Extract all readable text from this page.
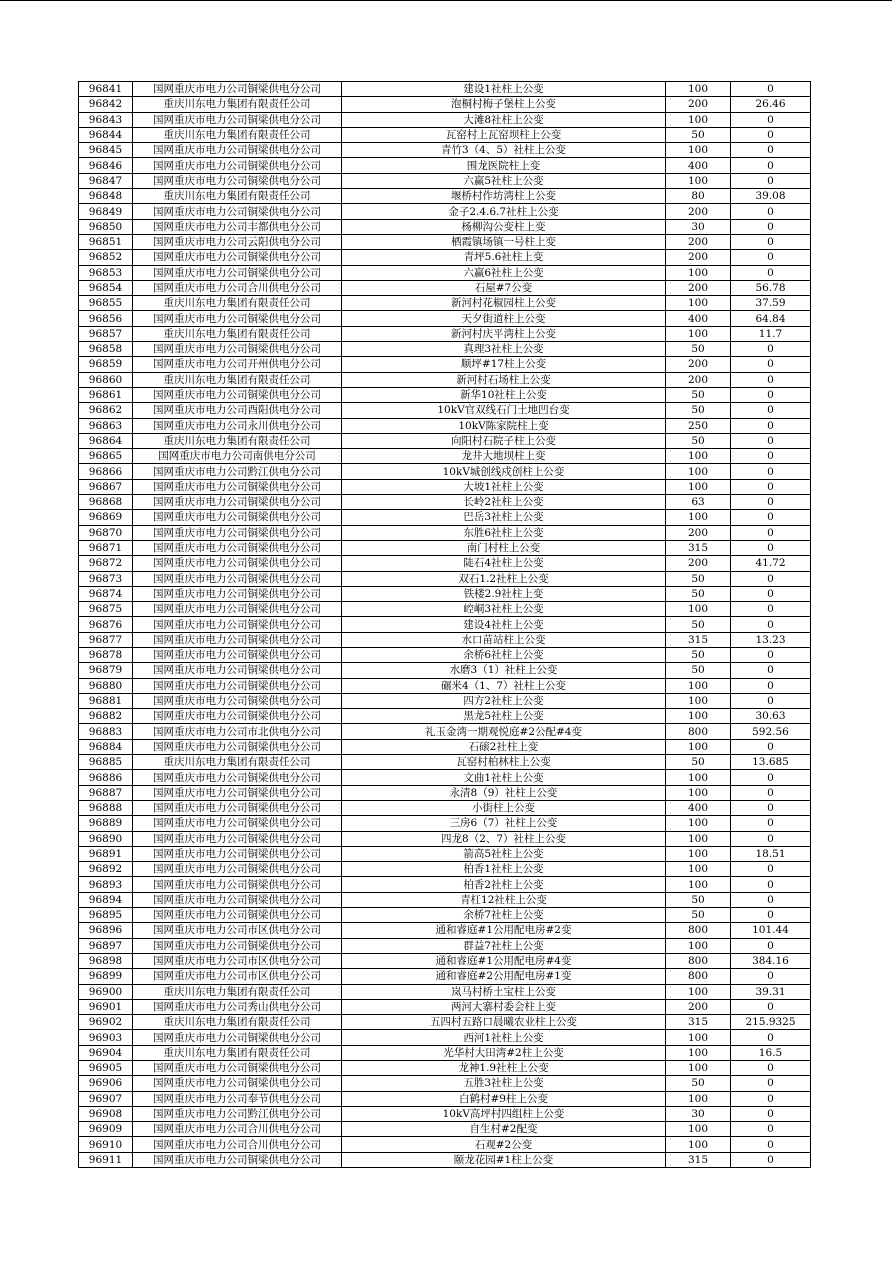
96841	国网重庆市电力公司铜梁供电分公司	建设1社柱上公变	100	0
96842	重庆川东电力集团有限责任公司	泡桐村梅子堡柱上公变	200	26.46
96843	国网重庆市电力公司铜梁供电分公司	大滩8社柱上公变	100	0
96844	重庆川东电力集团有限责任公司	瓦窑村上瓦窑坝柱上公变	50	0
96845	国网重庆市电力公司铜梁供电分公司	青竹3（4、5）社柱上公变	100	0
96846	国网重庆市电力公司铜梁供电分公司	围龙医院柱上变	400	0
96847	国网重庆市电力公司铜梁供电分公司	六赢5社柱上公变	100	0
96848	重庆川东电力集团有限责任公司	堰桥村作坊湾柱上公变	80	39.08
96849	国网重庆市电力公司铜梁供电分公司	金子2.4.6.7社柱上公变	200	0
96850	国网重庆市电力公司丰都供电分公司	杨柳沟公变柱上变	30	0
96851	国网重庆市电力公司云阳供电分公司	栖霞镇场镇一号柱上变	200	0
96852	国网重庆市电力公司铜梁供电分公司	青坪5.6社柱上变	200	0
96853	国网重庆市电力公司铜梁供电分公司	六赢6社柱上公变	100	0
96854	国网重庆市电力公司合川供电分公司	石屋#7公变	200	56.78
96855	重庆川东电力集团有限责任公司	新河村花椒园柱上公变	100	37.59
96856	国网重庆市电力公司铜梁供电分公司	天夕街道柱上公变	400	64.84
96857	重庆川东电力集团有限责任公司	新河村庆平湾柱上公变	100	11.7
96858	国网重庆市电力公司铜梁供电分公司	真理3社柱上公变	50	0
96859	国网重庆市电力公司开州供电分公司	顺坪#17柱上公变	200	0
96860	重庆川东电力集团有限责任公司	新河村石场柱上公变	200	0
96861	国网重庆市电力公司铜梁供电分公司	新华10社柱上公变	50	0
96862	国网重庆市电力公司酉阳供电分公司	10kV官双线石门土地凹台变	50	0
96863	国网重庆市电力公司永川供电分公司	10kV陈家院柱上变	250	0
96864	重庆川东电力集团有限责任公司	向阳村石院子柱上公变	50	0
96865	国网重庆市电力公司南供电分公司	龙井大地坝柱上变	100	0
96866	国网重庆市电力公司黔江供电分公司	10kV城创线戍创柱上公变	100	0
96867	国网重庆市电力公司铜梁供电分公司	大坡1社柱上公变	100	0
96868	国网重庆市电力公司铜梁供电分公司	长岭2社柱上公变	63	0
96869	国网重庆市电力公司铜梁供电分公司	巴岳3社柱上公变	100	0
96870	国网重庆市电力公司铜梁供电分公司	东胜6社柱上公变	200	0
96871	国网重庆市电力公司铜梁供电分公司	南门村柱上公变	315	0
96872	国网重庆市电力公司铜梁供电分公司	陡石4社柱上公变	200	41.72
96873	国网重庆市电力公司铜梁供电分公司	双石1.2社柱上公变	50	0
96874	国网重庆市电力公司铜梁供电分公司	铁楼2.9社柱上变	50	0
96875	国网重庆市电力公司铜梁供电分公司	崆峒3社柱上公变	100	0
96876	国网重庆市电力公司铜梁供电分公司	建设4社柱上公变	50	0
96877	国网重庆市电力公司铜梁供电分公司	水口苗站柱上公变	315	13.23
96878	国网重庆市电力公司铜梁供电分公司	余桥6社柱上公变	50	0
96879	国网重庆市电力公司铜梁供电分公司	水磨3（1）社柱上公变	50	0
96880	国网重庆市电力公司铜梁供电分公司	碾米4（1、7）社柱上公变	100	0
96881	国网重庆市电力公司铜梁供电分公司	四方2社柱上公变	100	0
96882	国网重庆市电力公司铜梁供电分公司	黑龙5社柱上公变	100	30.63
96883	国网重庆市电力公司市北供电分公司	礼玉金湾一期观悦庭#2公配#4变	800	592.56
96884	国网重庆市电力公司铜梁供电分公司	石磙2社柱上变	100	0
96885	重庆川东电力集团有限责任公司	瓦窑村柏林柱上公变	50	13.685
96886	国网重庆市电力公司铜梁供电分公司	文曲1社柱上公变	100	0
96887	国网重庆市电力公司铜梁供电分公司	永清8（9）社柱上公变	100	0
96888	国网重庆市电力公司铜梁供电分公司	小街柱上公变	400	0
96889	国网重庆市电力公司铜梁供电分公司	三房6（7）社柱上公变	100	0
96890	国网重庆市电力公司铜梁供电分公司	四龙8（2、7）社柱上公变	100	0
96891	国网重庆市电力公司铜梁供电分公司	箭高5社柱上公变	100	18.51
96892	国网重庆市电力公司铜梁供电分公司	柏香1社柱上公变	100	0
96893	国网重庆市电力公司铜梁供电分公司	柏香2社柱上公变	100	0
96894	国网重庆市电力公司铜梁供电分公司	青杠12社柱上公变	50	0
96895	国网重庆市电力公司铜梁供电分公司	余桥7社柱上公变	50	0
96896	国网重庆市电力公司市区供电分公司	通和睿庭#1公用配电房#2变	800	101.44
96897	国网重庆市电力公司铜梁供电分公司	群益7社柱上公变	100	0
96898	国网重庆市电力公司市区供电分公司	通和睿庭#1公用配电房#4变	800	384.16
96899	国网重庆市电力公司市区供电分公司	通和睿庭#2公用配电房#1变	800	0
96900	重庆川东电力集团有限责任公司	岚马村桥土宝柱上公变	100	39.31
96901	国网重庆市电力公司秀山供电分公司	两河大寨村委会柱上变	200	0
96902	重庆川东电力集团有限责任公司	五四村五路口晨曦农业柱上公变	315	215.9325
96903	国网重庆市电力公司铜梁供电分公司	西河1社柱上公变	100	0
96904	重庆川东电力集团有限责任公司	光华村大田湾#2柱上公变	100	16.5
96905	国网重庆市电力公司铜梁供电分公司	龙神1.9社柱上公变	100	0
96906	国网重庆市电力公司铜梁供电分公司	五胜3社柱上公变	50	0
96907	国网重庆市电力公司奉节供电分公司	白鹤村#9柱上公变	100	0
96908	国网重庆市电力公司黔江供电分公司	10kV高坪村四组柱上公变	30	0
96909	国网重庆市电力公司合川供电分公司	自生村#2配变	100	0
96910	国网重庆市电力公司合川供电分公司	石观#2公变	100	0
96911	国网重庆市电力公司铜梁供电分公司	颐龙花园#1柱上公变	315	0
